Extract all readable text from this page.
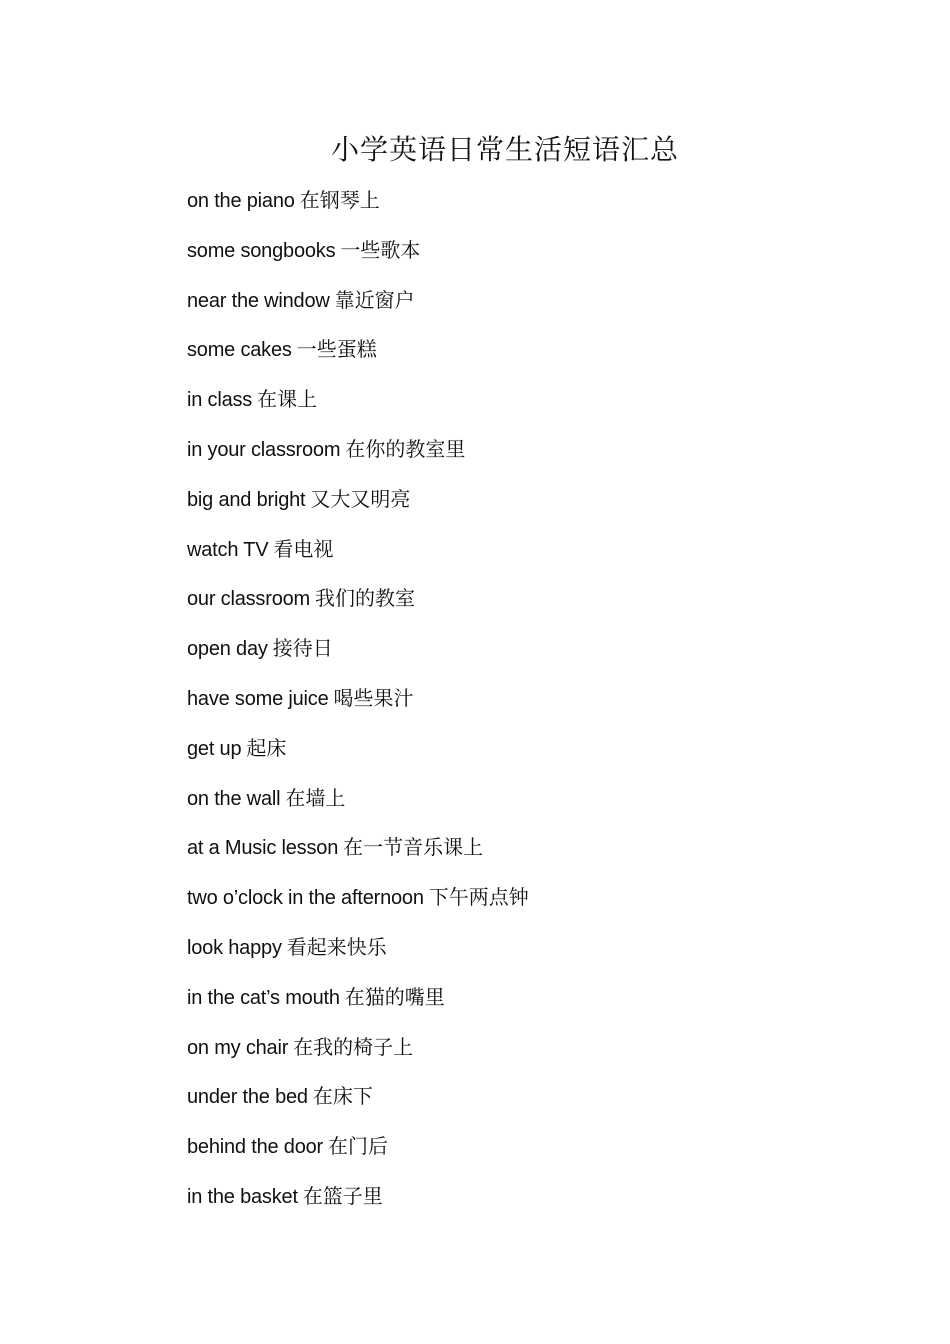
小学英语日常生活短语汇总
on the piano 在钢琴上
some songbooks 一些歌本
near the window 靠近窗户
some cakes 一些蛋糕
in class 在课上
in your classroom 在你的教室里
big and bright 又大又明亮
watch TV 看电视
our classroom 我们的教室
open day 接待日
have some juice 喝些果汁
get up 起床
on the wall 在墙上
at a Music lesson 在一节音乐课上
two o’clock in the afternoon 下午两点钟
look happy 看起来快乐
in the cat’s mouth 在猫的嘴里
on my chair 在我的椅子上
under the bed 在床下
behind the door 在门后
in the basket 在篮子里
